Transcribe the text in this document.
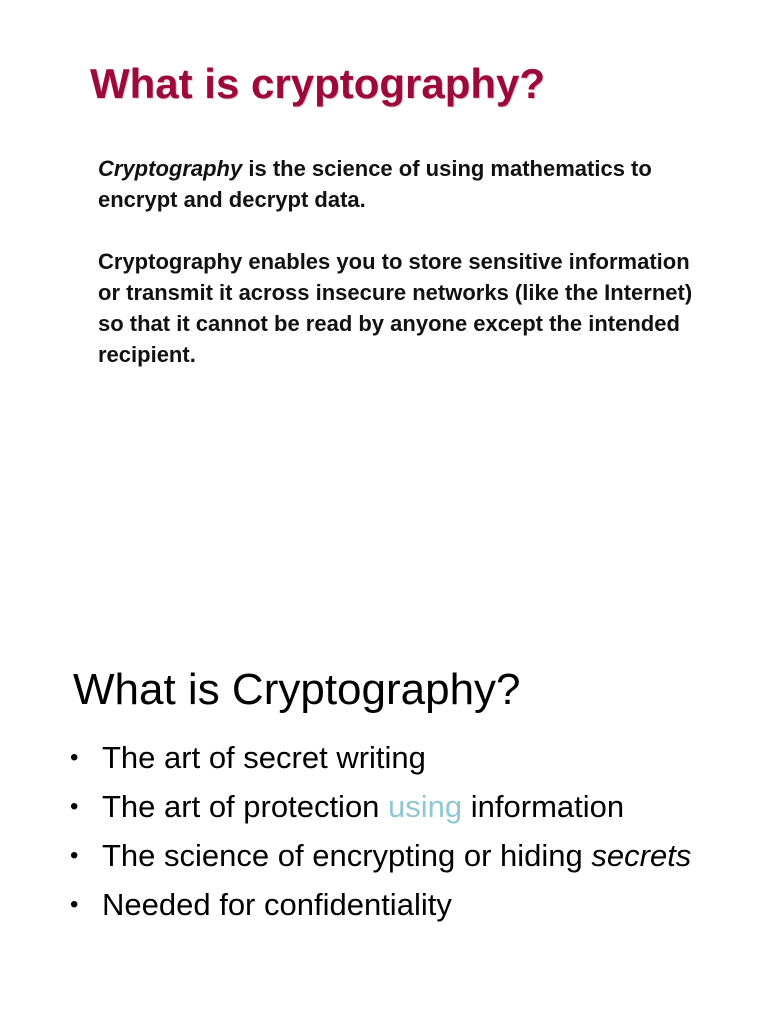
What is cryptography?

Cryptography is the science of using mathematics to encrypt and decrypt data.

Cryptography enables you to store sensitive information or transmit it across insecure networks (like the Internet) so that it cannot be read by anyone except the intended recipient.

What is Cryptography?
• The art of secret writing
• The art of protection using information
• The science of encrypting or hiding secrets
• Needed for confidentiality
